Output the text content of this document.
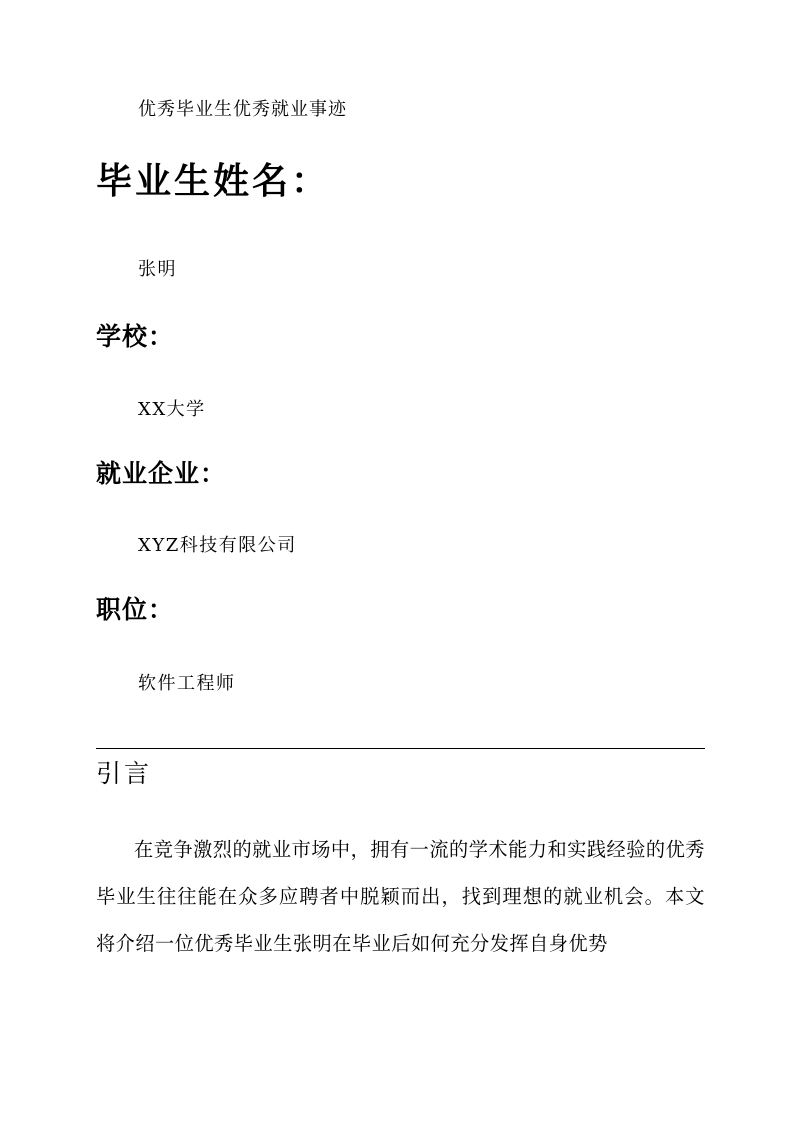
优秀毕业生优秀就业事迹
毕业生姓名：
张明
学校：
XX大学
就业企业：
XYZ科技有限公司
职位：
软件工程师
引言

在竞争激烈的就业市场中，拥有一流的学术能力和实践经验的优秀毕业生往往能在众多应聘者中脱颖而出，找到理想的就业机会。本文将介绍一位优秀毕业生张明在毕业后如何充分发挥自身优势
